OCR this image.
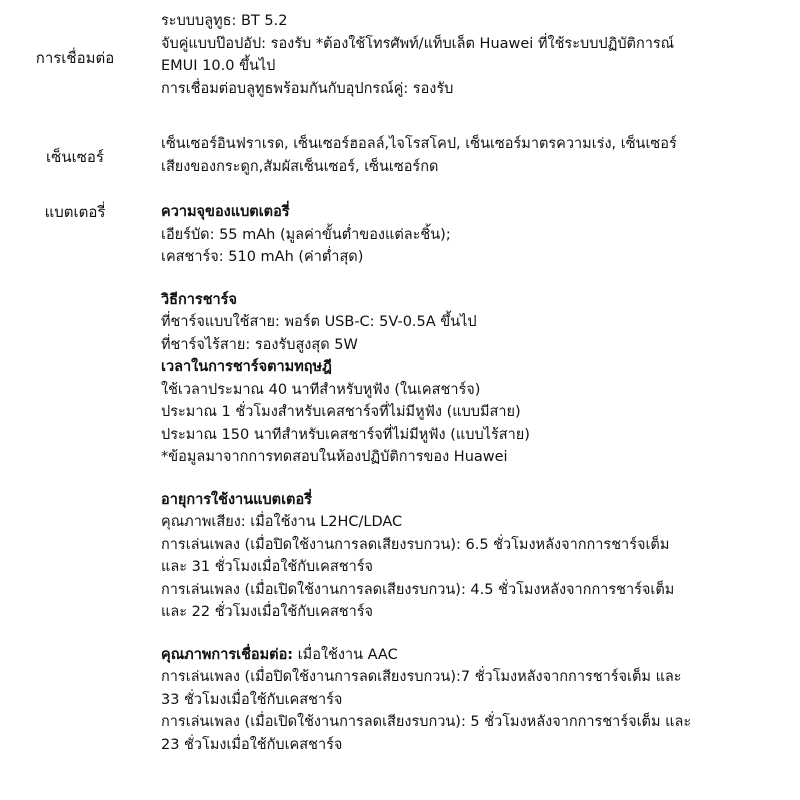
การเชื่อมต่อ
ระบบบลูทูธ: BT 5.2
จับคู่แบบป๊อปอัป: รองรับ *ต้องใช้โทรศัพท์/แท็บเล็ต Huawei ที่ใช้ระบบปฏิบัติการณ์
EMUI 10.0 ขึ้นไป
การเชื่อมต่อบลูทูธพร้อมกันกับอุปกรณ์คู่: รองรับ
เซ็นเซอร์
เซ็นเซอร์อินฟราเรด, เซ็นเซอร์ฮอลล์,ไจโรสโคป, เซ็นเซอร์มาตรความเร่ง, เซ็นเซอร์
เสียงของกระดูก,สัมผัสเซ็นเซอร์, เซ็นเซอร์กด
แบตเตอรี่	ความจุของแบตเตอรี่
เอียร์บัด: 55 mAh (มูลค่าขั้นต่ำของแต่ละชิ้น);
เคสชาร์จ: 510 mAh (ค่าต่ำสุด)
วิธีการชาร์จ
ที่ชาร์จแบบใช้สาย: พอร์ต USB-C: 5V-0.5A ขึ้นไป
ที่ชาร์จไร้สาย: รองรับสูงสุด 5W
เวลาในการชาร์จตามทฤษฎี
ใช้เวลาประมาณ 40 นาทีสำหรับหูฟัง (ในเคสชาร์จ)
ประมาณ 1 ชั่วโมงสำหรับเคสชาร์จที่ไม่มีหูฟัง (แบบมีสาย)
ประมาณ 150 นาทีสำหรับเคสชาร์จที่ไม่มีหูฟัง (แบบไร้สาย)
*ข้อมูลมาจากการทดสอบในห้องปฏิบัติการของ Huawei
อายุการใช้งานแบตเตอรี่
คุณภาพเสียง: เมื่อใช้งาน L2HC/LDAC
การเล่นเพลง (เมื่อปิดใช้งานการลดเสียงรบกวน): 6.5 ชั่วโมงหลังจากการชาร์จเต็ม
และ 31 ชั่วโมงเมื่อใช้กับเคสชาร์จ
การเล่นเพลง (เมื่อเปิดใช้งานการลดเสียงรบกวน): 4.5 ชั่วโมงหลังจากการชาร์จเต็ม
และ 22 ชั่วโมงเมื่อใช้กับเคสชาร์จ
คุณภาพการเชื่อมต่อ: เมื่อใช้งาน AAC
การเล่นเพลง (เมื่อปิดใช้งานการลดเสียงรบกวน):7 ชั่วโมงหลังจากการชาร์จเต็ม และ
33 ชั่วโมงเมื่อใช้กับเคสชาร์จ
การเล่นเพลง (เมื่อเปิดใช้งานการลดเสียงรบกวน): 5 ชั่วโมงหลังจากการชาร์จเต็ม และ
23 ชั่วโมงเมื่อใช้กับเคสชาร์จ
